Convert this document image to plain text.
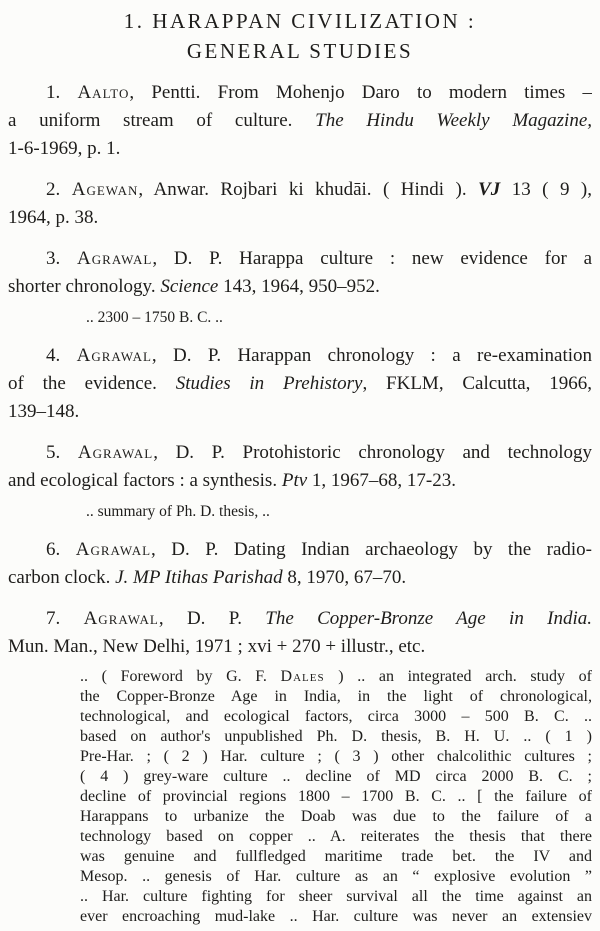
1. HARAPPAN CIVILIZATION :
GENERAL STUDIES
1. Aalto, Pentti. From Mohenjo Daro to modern times –
a uniform stream of culture. The Hindu Weekly Magazine,
1-6-1969, p. 1.
2. Agewan, Anwar. Rojbari ki khudāi. ( Hindi ). VJ 13 ( 9 ),
1964, p. 38.
3. Agrawal, D. P. Harappa culture : new evidence for a
shorter chronology. Science 143, 1964, 950–952.
.. 2300 – 1750 B. C. ..
4. Agrawal, D. P. Harappan chronology : a re-examination
of the evidence. Studies in Prehistory, FKLM, Calcutta, 1966,
139–148.
5. Agrawal, D. P. Protohistoric chronology and technology
and ecological factors : a synthesis. Ptv 1, 1967–68, 17-23.
.. summary of Ph. D. thesis, ..
6. Agrawal, D. P. Dating Indian archaeology by the radio-
carbon clock. J. MP Itihas Parishad 8, 1970, 67–70.
7. Agrawal, D. P. The Copper-Bronze Age in India.
Mun. Man., New Delhi, 1971 ; xvi + 270 + illustr., etc.
.. ( Foreword by G. F. Dales ) .. an integrated arch. study of
the Copper-Bronze Age in India, in the light of chronological,
technological, and ecological factors, circa 3000 – 500 B. C. ..
based on author's unpublished Ph. D. thesis, B. H. U. .. ( 1 )
Pre-Har. ; ( 2 ) Har. culture ; ( 3 ) other chalcolithic cultures ;
( 4 ) grey-ware culture .. decline of MD circa 2000 B. C. ;
decline of provincial regions 1800 – 1700 B. C. .. [ the failure of
Harappans to urbanize the Doab was due to the failure of a
technology based on copper .. A. reiterates the thesis that there
was genuine and fullfledged maritime trade bet. the IV and
Mesop. .. genesis of Har. culture as an “ explosive evolution ”
.. Har. culture fighting for sheer survival all the time against an
ever encroaching mud-lake .. Har. culture was never an extensiev
